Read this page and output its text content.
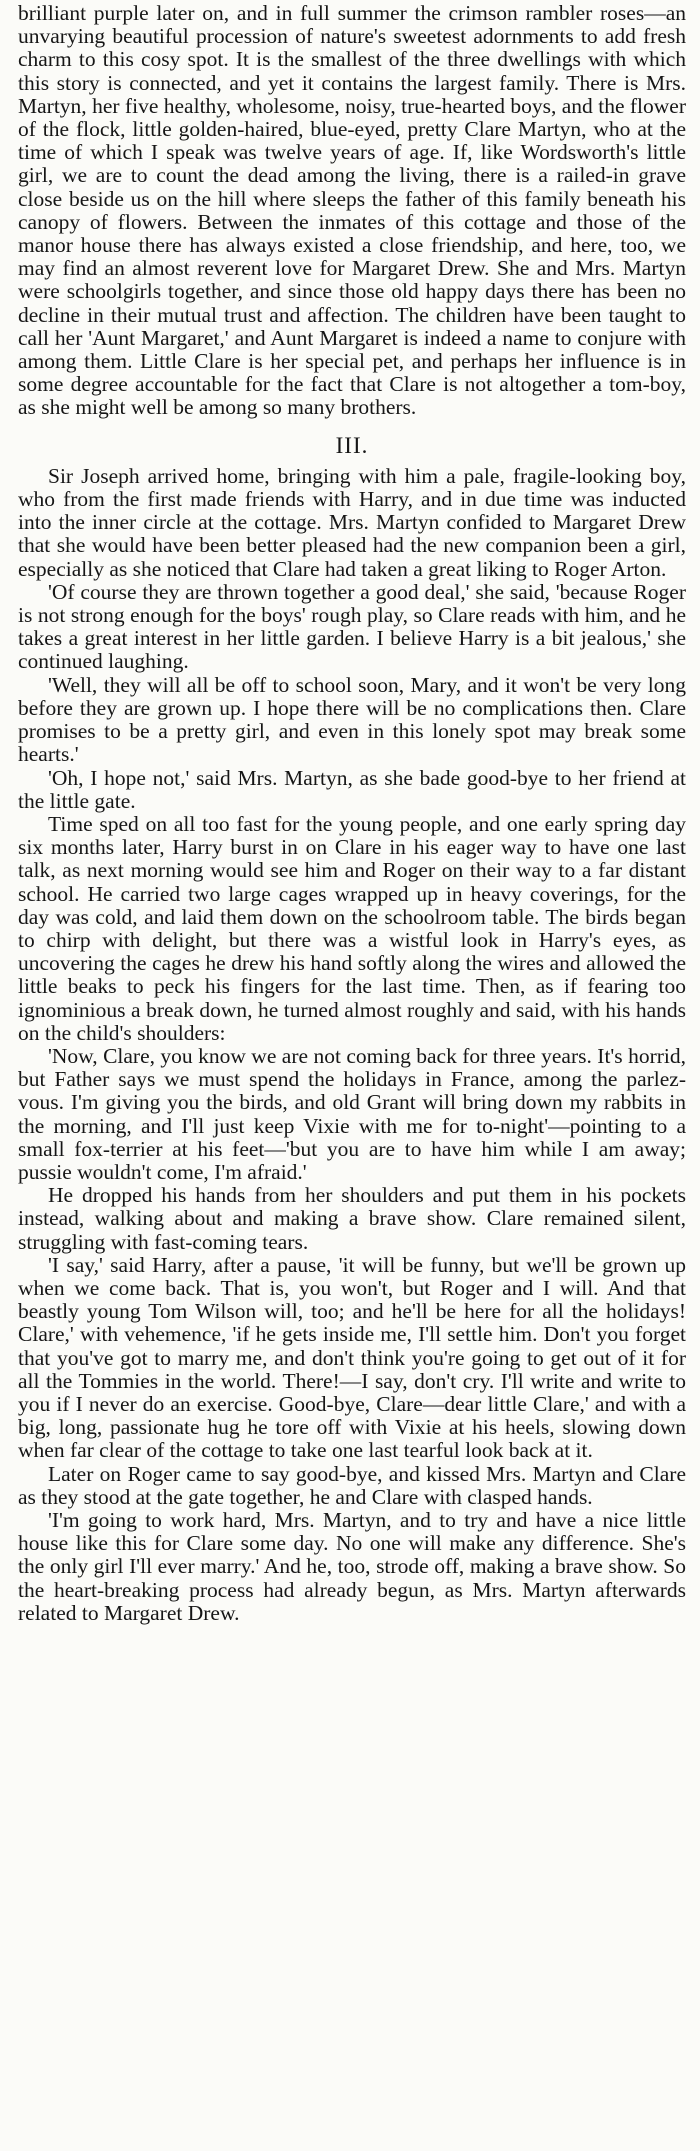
brilliant purple later on, and in full summer the crimson rambler roses—an unvarying beautiful procession of nature's sweetest adornments to add fresh charm to this cosy spot. It is the smallest of the three dwellings with which this story is connected, and yet it contains the largest family. There is Mrs. Martyn, her five healthy, wholesome, noisy, true-hearted boys, and the flower of the flock, little golden-haired, blue-eyed, pretty Clare Martyn, who at the time of which I speak was twelve years of age. If, like Wordsworth's little girl, we are to count the dead among the living, there is a railed-in grave close beside us on the hill where sleeps the father of this family beneath his canopy of flowers. Between the inmates of this cottage and those of the manor house there has always existed a close friendship, and here, too, we may find an almost reverent love for Margaret Drew. She and Mrs. Martyn were schoolgirls together, and since those old happy days there has been no decline in their mutual trust and affection. The children have been taught to call her 'Aunt Margaret,' and Aunt Margaret is indeed a name to conjure with among them. Little Clare is her special pet, and perhaps her influence is in some degree accountable for the fact that Clare is not altogether a tom-boy, as she might well be among so many brothers.

III.

Sir Joseph arrived home, bringing with him a pale, fragile-looking boy, who from the first made friends with Harry, and in due time was inducted into the inner circle at the cottage. Mrs. Martyn confided to Margaret Drew that she would have been better pleased had the new companion been a girl, especially as she noticed that Clare had taken a great liking to Roger Arton.

'Of course they are thrown together a good deal,' she said, 'because Roger is not strong enough for the boys' rough play, so Clare reads with him, and he takes a great interest in her little garden. I believe Harry is a bit jealous,' she continued laughing.

'Well, they will all be off to school soon, Mary, and it won't be very long before they are grown up. I hope there will be no complications then. Clare promises to be a pretty girl, and even in this lonely spot may break some hearts.'

'Oh, I hope not,' said Mrs. Martyn, as she bade good-bye to her friend at the little gate.

Time sped on all too fast for the young people, and one early spring day six months later, Harry burst in on Clare in his eager way to have one last talk, as next morning would see him and Roger on their way to a far distant school. He carried two large cages wrapped up in heavy coverings, for the day was cold, and laid them down on the schoolroom table. The birds began to chirp with delight, but there was a wistful look in Harry's eyes, as uncovering the cages he drew his hand softly along the wires and allowed the little beaks to peck his fingers for the last time. Then, as if fearing too ignominious a break down, he turned almost roughly and said, with his hands on the child's shoulders:

'Now, Clare, you know we are not coming back for three years. It's horrid, but Father says we must spend the holidays in France, among the parlez-vous. I'm giving you the birds, and old Grant will bring down my rabbits in the morning, and I'll just keep Vixie with me for to-night'—pointing to a small fox-terrier at his feet—'but you are to have him while I am away; pussie wouldn't come, I'm afraid.'

He dropped his hands from her shoulders and put them in his pockets instead, walking about and making a brave show. Clare remained silent, struggling with fast-coming tears.

'I say,' said Harry, after a pause, 'it will be funny, but we'll be grown up when we come back. That is, you won't, but Roger and I will. And that beastly young Tom Wilson will, too; and he'll be here for all the holidays! Clare,' with vehemence, 'if he gets inside me, I'll settle him. Don't you forget that you've got to marry me, and don't think you're going to get out of it for all the Tommies in the world. There!—I say, don't cry. I'll write and write to you if I never do an exercise. Good-bye, Clare—dear little Clare,' and with a big, long, passionate hug he tore off with Vixie at his heels, slowing down when far clear of the cottage to take one last tearful look back at it.

Later on Roger came to say good-bye, and kissed Mrs. Martyn and Clare as they stood at the gate together, he and Clare with clasped hands.

'I'm going to work hard, Mrs. Martyn, and to try and have a nice little house like this for Clare some day. No one will make any difference. She's the only girl I'll ever marry.' And he, too, strode off, making a brave show. So the heart-breaking process had already begun, as Mrs. Martyn afterwards related to Margaret Drew.
